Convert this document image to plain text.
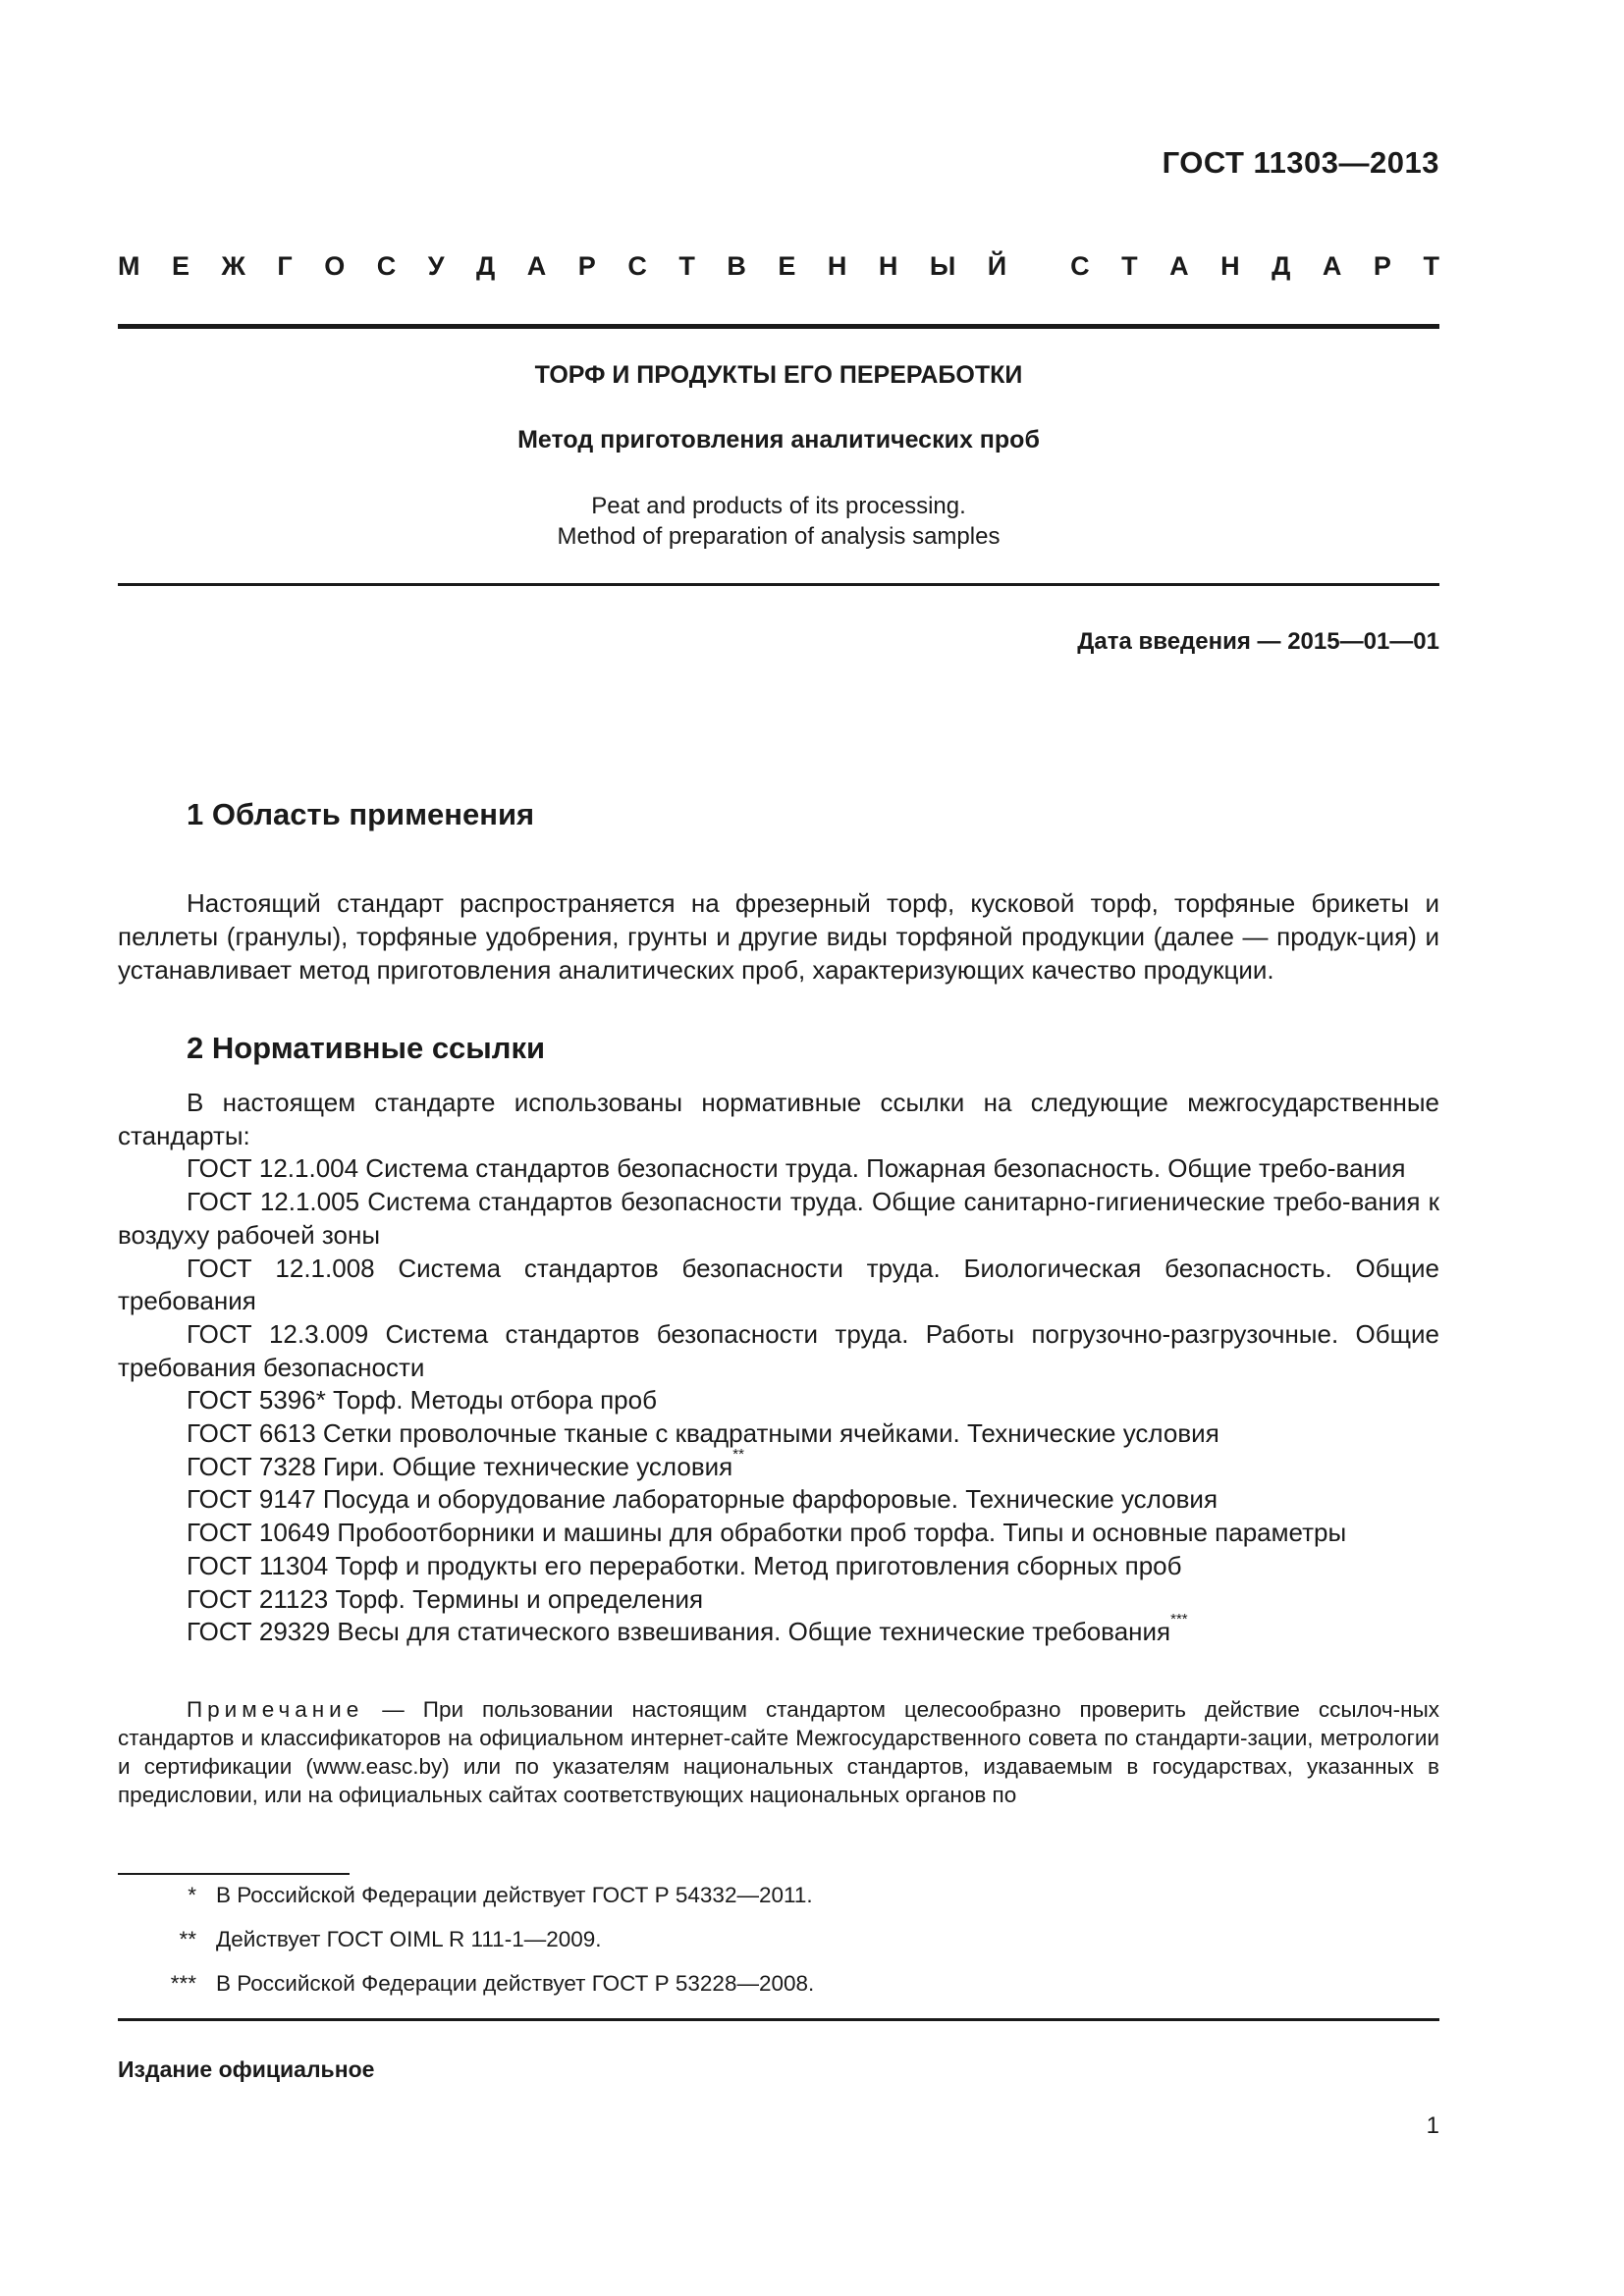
ГОСТ 11303—2013
М Е Ж Г О С У Д А Р С Т В Е Н Н Ы Й С Т А Н Д А Р Т
ТОРФ И ПРОДУКТЫ ЕГО ПЕРЕРАБОТКИ
Метод приготовления аналитических проб
Peat and products of its processing.
Method of preparation of analysis samples
Дата введения — 2015—01—01
1 Область применения

Настоящий стандарт распространяется на фрезерный торф, кусковой торф, торфяные брикеты и пеллеты (гранулы), торфяные удобрения, грунты и другие виды торфяной продукции (далее — продук-ция) и устанавливает метод приготовления аналитических проб, характеризующих качество продукции.

2 Нормативные ссылки

В настоящем стандарте использованы нормативные ссылки на следующие межгосударственные стандарты:

ГОСТ 12.1.004 Система стандартов безопасности труда. Пожарная безопасность. Общие требо-вания

ГОСТ 12.1.005 Система стандартов безопасности труда. Общие санитарно-гигиенические требо-вания к воздуху рабочей зоны

ГОСТ 12.1.008 Система стандартов безопасности труда. Биологическая безопасность. Общие требования

ГОСТ 12.3.009 Система стандартов безопасности труда. Работы погрузочно-разгрузочные. Общие требования безопасности

ГОСТ 5396* Торф. Методы отбора проб

ГОСТ 6613 Сетки проволочные тканые с квадратными ячейками. Технические условия

ГОСТ 7328 Гири. Общие технические условия**

ГОСТ 9147 Посуда и оборудование лабораторные фарфоровые. Технические условия

ГОСТ 10649 Пробоотборники и машины для обработки проб торфа. Типы и основные параметры

ГОСТ 11304 Торф и продукты его переработки. Метод приготовления сборных проб

ГОСТ 21123 Торф. Термины и определения

ГОСТ 29329 Весы для статического взвешивания. Общие технические требования***

Примечание — При пользовании настоящим стандартом целесообразно проверить действие ссылоч-ных стандартов и классификаторов на официальном интернет-сайте Межгосударственного совета по стандарти-зации, метрологии и сертификации (www.easc.by) или по указателям национальных стандартов, издаваемым в государствах, указанных в предисловии, или на официальных сайтах соответствующих национальных органов по

* В Российской Федерации действует ГОСТ Р 54332—2011.
** Действует ГОСТ OIML R 111-1—2009.
*** В Российской Федерации действует ГОСТ Р 53228—2008.
Издание официальное
1
